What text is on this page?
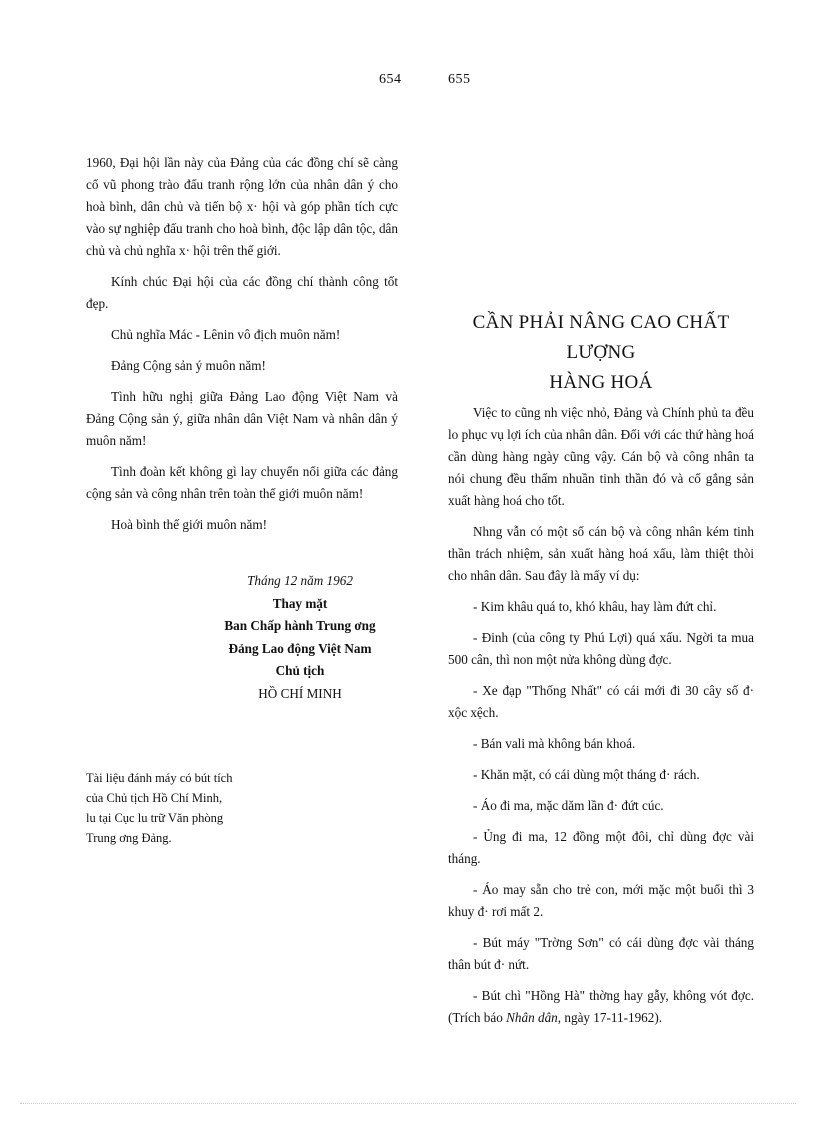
654	655

1960, Đại hội lần này của Đảng của các đồng chí sẽ càng cổ vũ phong trào đấu tranh rộng lớn của nhân dân ý cho hoà bình, dân chủ và tiến bộ x· hội và góp phần tích cực vào sự nghiệp đấu tranh cho hoà bình, độc lập dân tộc, dân chủ và chủ nghĩa x· hội trên thế giới.

Kính chúc Đại hội của các đồng chí thành công tốt đẹp.

Chủ nghĩa Mác - Lênin vô địch muôn năm!

Đảng Cộng sản ý muôn năm!

Tình hữu nghị giữa Đảng Lao động Việt Nam và Đảng Cộng sản ý, giữa nhân dân Việt Nam và nhân dân ý muôn năm!

Tình đoàn kết không gì lay chuyển nổi giữa các đảng cộng sản và công nhân trên toàn thế giới muôn năm!

Hoà bình thế giới muôn năm!

Tháng 12 năm 1962
Thay mặt
Ban Chấp hành Trung ơng
Đảng Lao động Việt Nam
Chủ tịch
HỒ CHÍ MINH
Tài liệu đánh máy có bút tích
của Chủ tịch Hồ Chí Minh,
lu tại Cục lu trữ Văn phòng
Trung ơng Đảng.
CẦN PHẢI NÂNG CAO CHẤT LƯỢNG
HÀNG HOÁ

Việc to cũng nh việc nhỏ, Đảng và Chính phủ ta đều lo phục vụ lợi ích của nhân dân. Đối với các thứ hàng hoá cần dùng hàng ngày cũng vậy. Cán bộ và công nhân ta nói chung đều thấm nhuần tinh thần đó và cố gắng sản xuất hàng hoá cho tốt.

Nhng vẫn có một số cán bộ và công nhân kém tinh thần trách nhiệm, sản xuất hàng hoá xấu, làm thiệt thòi cho nhân dân. Sau đây là mấy ví dụ:

- Kim khâu quá to, khó khâu, hay làm đứt chỉ.

- Đinh (của công ty Phú Lợi) quá xấu. Ngời ta mua 500 cân, thì non một nửa không dùng đợc.

- Xe đạp "Thống Nhất" có cái mới đi 30 cây số đ· xộc xệch.

- Bán vali mà không bán khoá.

- Khăn mặt, có cái dùng một tháng đ· rách.

- Áo đi ma, mặc dăm lần đ· đứt cúc.

- Ủng đi ma, 12 đồng một đôi, chỉ dùng đợc vài tháng.

- Áo may sẵn cho trẻ con, mới mặc một buổi thì 3 khuy đ· rơi mất 2.

- Bút máy "Trờng Sơn" có cái dùng đợc vài tháng thân bút đ· nứt.

- Bút chì "Hồng Hà" thờng hay gẫy, không vót đợc. (Trích báo Nhân dân, ngày 17-11-1962).
